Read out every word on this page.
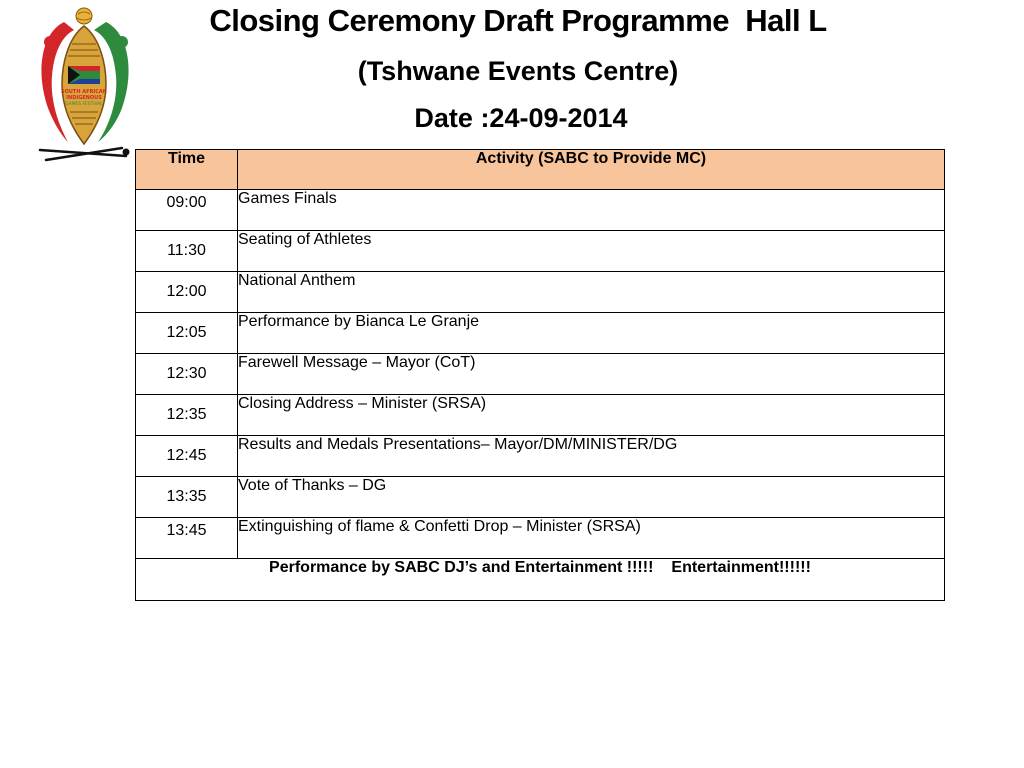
SOUTH AFRICAN
INDIGENOUS
GAMES FESTIVAL
Closing Ceremony Draft Programme  Hall L
(Tshwane Events Centre)
Date :24-09-2014
Time	Activity (SABC to Provide MC)
09:00	Games Finals
11:30	Seating of Athletes
12:00	National Anthem
12:05	Performance by Bianca Le Granje
12:30	Farewell Message – Mayor (CoT)
12:35	Closing Address – Minister (SRSA)
12:45	Results and Medals Presentations– Mayor/DM/MINISTER/DG
13:35	Vote of Thanks – DG
13:45	Extinguishing of flame & Confetti Drop – Minister (SRSA)
Performance by SABC DJ’s and Entertainment !!!!! Entertainment!!!!!!	
